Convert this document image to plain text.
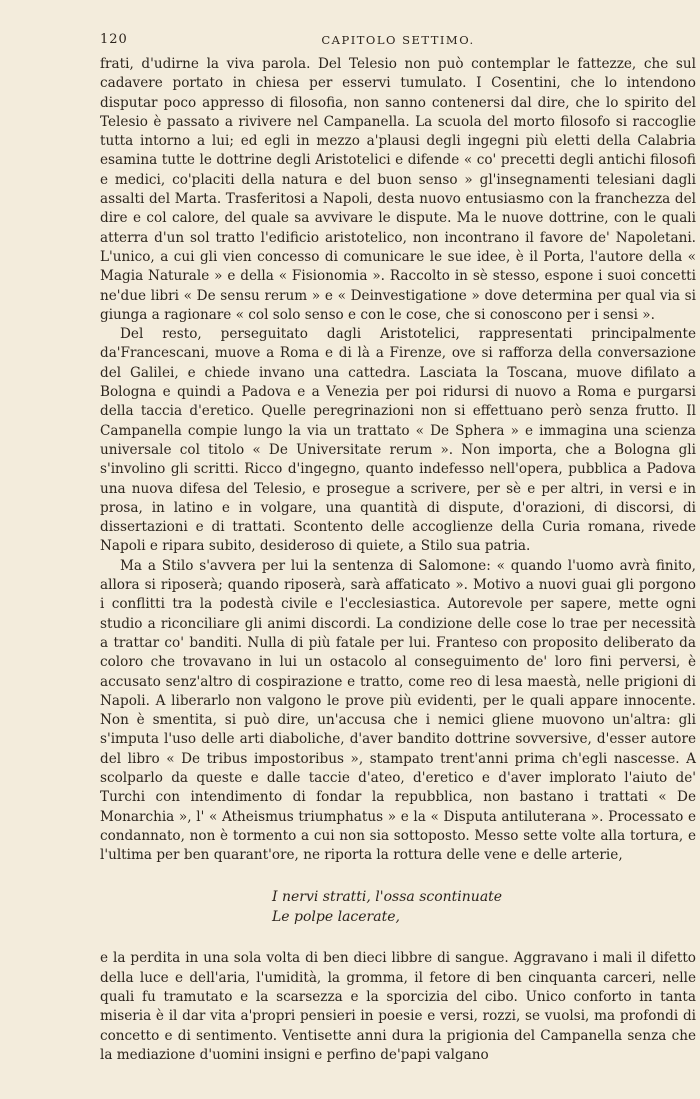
120	CAPITOLO SETTIMO.

frati, d'udirne la viva parola. Del Telesio non può contemplar le fattezze, che sul cadavere portato in chiesa per esservi tumulato. I Cosentini, che lo intendono disputar poco appresso di filosofia, non sanno contenersi dal dire, che lo spirito del Telesio è passato a rivivere nel Campanella. La scuola del morto filosofo si raccoglie tutta intorno a lui; ed egli in mezzo a'plausi degli ingegni più eletti della Calabria esamina tutte le dottrine degli Aristotelici e difende « co' precetti degli antichi filosofi e medici, co'placiti della natura e del buon senso » gl'insegnamenti telesiani dagli assalti del Marta. Trasferitosi a Napoli, desta nuovo entusiasmo con la franchezza del dire e col calore, del quale sa avvivare le dispute. Ma le nuove dottrine, con le quali atterra d'un sol tratto l'edificio aristotelico, non incontrano il favore de' Napoletani. L'unico, a cui gli vien concesso di comunicare le sue idee, è il Porta, l'autore della « Magia Naturale » e della « Fisionomia ». Raccolto in sè stesso, espone i suoi concetti ne'due libri « De sensu rerum » e « Deinvestigatione » dove determina per qual via si giunga a ragionare « col solo senso e con le cose, che si conoscono per i sensi ».

Del resto, perseguitato dagli Aristotelici, rappresentati principalmente da'Francescani, muove a Roma e di là a Firenze, ove si rafforza della conversazione del Galilei, e chiede invano una cattedra. Lasciata la Toscana, muove difilato a Bologna e quindi a Padova e a Venezia per poi ridursi di nuovo a Roma e purgarsi della taccia d'eretico. Quelle peregrinazioni non si effettuano però senza frutto. Il Campanella compie lungo la via un trattato « De Sphera » e immagina una scienza universale col titolo « De Universitate rerum ». Non importa, che a Bologna gli s'involino gli scritti. Ricco d'ingegno, quanto indefesso nell'opera, pubblica a Padova una nuova difesa del Telesio, e prosegue a scrivere, per sè e per altri, in versi e in prosa, in latino e in volgare, una quantità di dispute, d'orazioni, di discorsi, di dissertazioni e di trattati. Scontento delle accoglienze della Curia romana, rivede Napoli e ripara subito, desideroso di quiete, a Stilo sua patria.

Ma a Stilo s'avvera per lui la sentenza di Salomone: « quando l'uomo avrà finito, allora si riposerà; quando riposerà, sarà affaticato ». Motivo a nuovi guai gli porgono i conflitti tra la podestà civile e l'ecclesiastica. Autorevole per sapere, mette ogni studio a riconciliare gli animi discordi. La condizione delle cose lo trae per necessità a trattar co' banditi. Nulla di più fatale per lui. Franteso con proposito deliberato da coloro che trovavano in lui un ostacolo al conseguimento de' loro fini perversi, è accusato senz'altro di cospirazione e tratto, come reo di lesa maestà, nelle prigioni di Napoli. A liberarlo non valgono le prove più evidenti, per le quali appare innocente. Non è smentita, si può dire, un'accusa che i nemici gliene muovono un'altra: gli s'imputa l'uso delle arti diaboliche, d'aver bandito dottrine sovversive, d'esser autore del libro « De tribus impostoribus », stampato trent'anni prima ch'egli nascesse. A scolparlo da queste e dalle taccie d'ateo, d'eretico e d'aver implorato l'aiuto de' Turchi con intendimento di fondar la repubblica, non bastano i trattati « De Monarchia », l' « Atheismus triumphatus » e la « Disputa antiluterana ». Processato e condannato, non è tormento a cui non sia sottoposto. Messo sette volte alla tortura, e l'ultima per ben quarant'ore, ne riporta la rottura delle vene e delle arterie,

I nervi stratti, l'ossa scontinuate
Le polpe lacerate,

e la perdita in una sola volta di ben dieci libbre di sangue. Aggravano i mali il difetto della luce e dell'aria, l'umidità, la gromma, il fetore di ben cinquanta carceri, nelle quali fu tramutato e la scarsezza e la sporcizia del cibo. Unico conforto in tanta miseria è il dar vita a'propri pensieri in poesie e versi, rozzi, se vuolsi, ma profondi di concetto e di sentimento. Ventisette anni dura la prigionia del Campanella senza che la mediazione d'uomini insigni e perfino de'papi valgano
